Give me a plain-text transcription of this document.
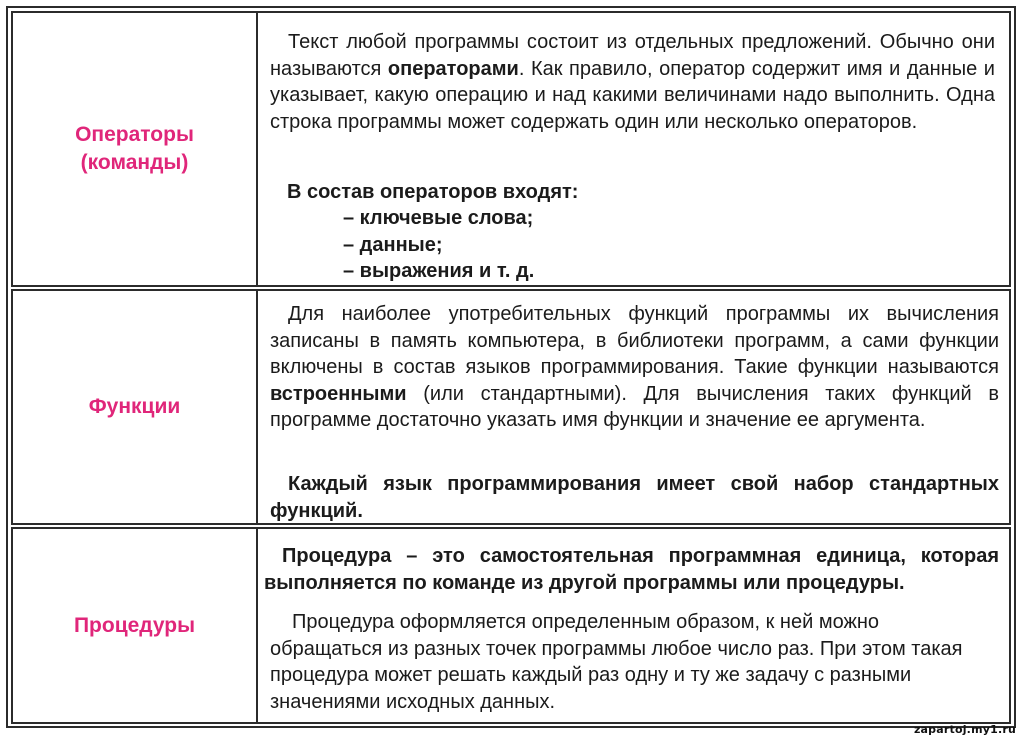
Операторы
(команды)

Текст любой программы состоит из отдельных предложений. Обычно они называются операторами. Как правило, оператор содержит имя и данные и указывает, какую операцию и над какими величинами надо выполнить. Одна строка программы может содержать один или несколько операторов.

В состав операторов входят:
– ключевые слова;
– данные;
– выражения и т. д.
Функции

Для наиболее употребительных функций программы их вычисления записаны в память компьютера, в библиотеки программ, а сами функции включены в состав языков программирования. Такие функции называются встроенными (или стандартными). Для вычисления таких функций в программе достаточно указать имя функции и значение ее аргумента.

Каждый язык программирования имеет свой набор стандартных функций.

Процедуры

Процедура – это самостоятельная программная единица, которая выполняется по команде из другой программы или процедуры.

Процедура оформляется определенным образом, к ней можно обращаться из разных точек программы любое число раз. При этом такая процедура может решать каждый раз одну и ту же задачу с разными значениями исходных данных.

zapartoj.my1.ru
